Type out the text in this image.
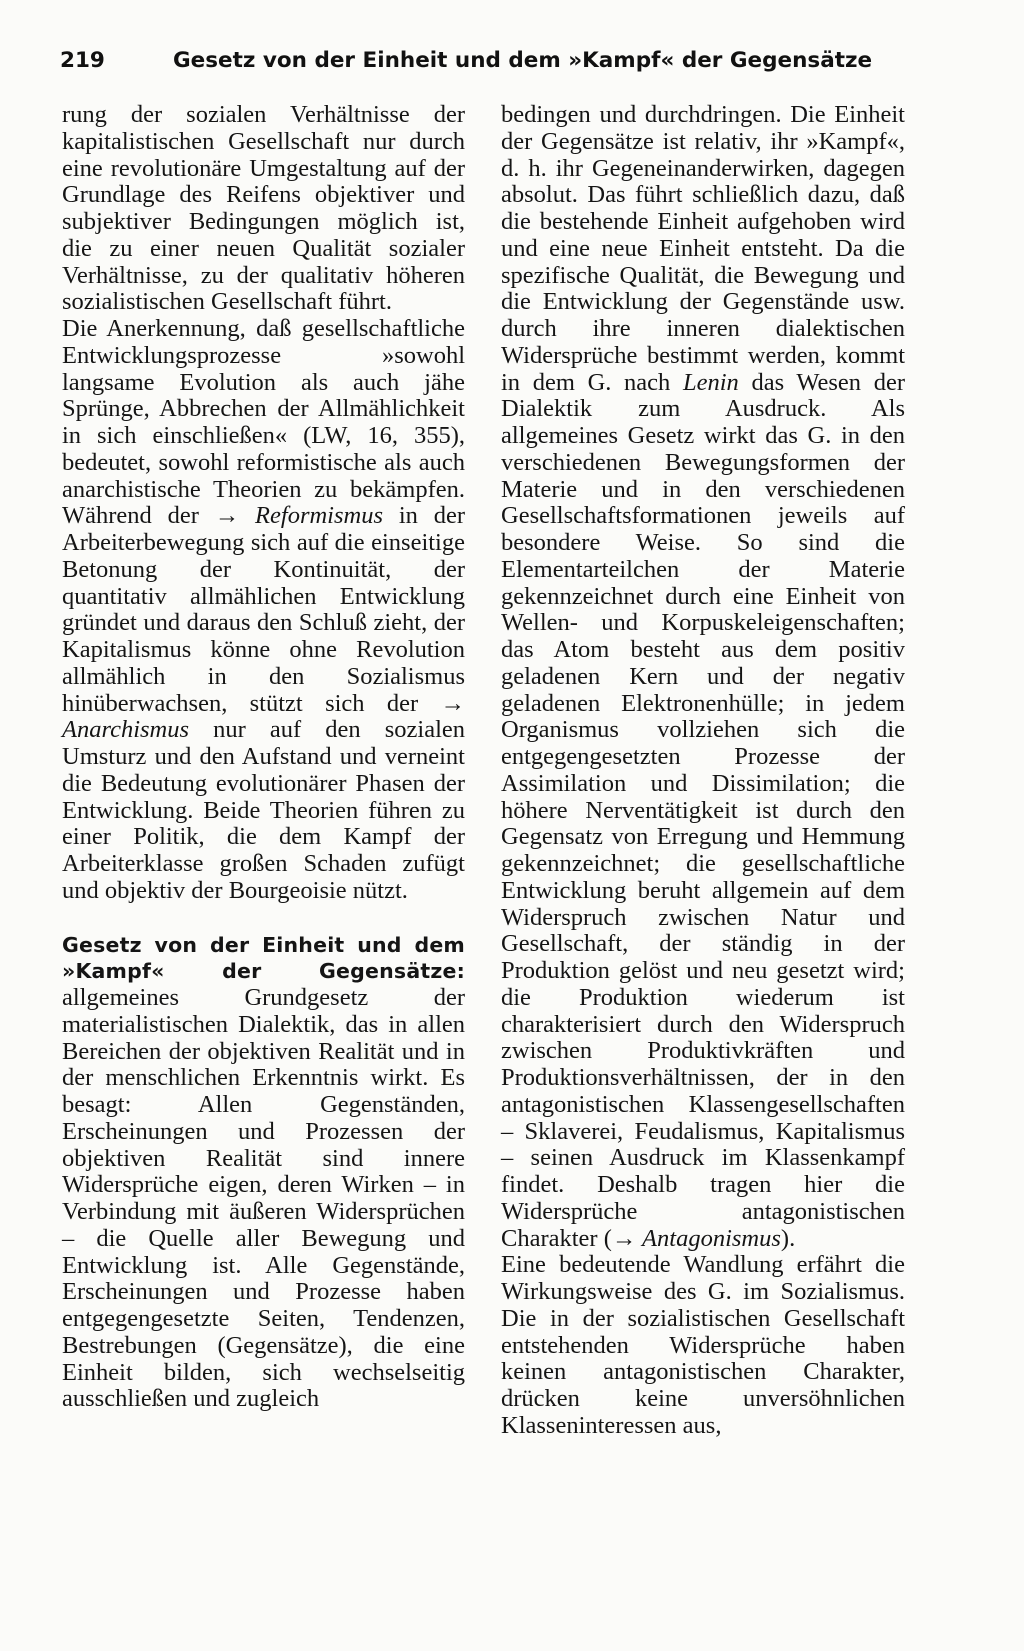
219	Gesetz von der Einheit und dem »Kampf« der Gegensätze

rung der sozialen Verhältnisse der kapitalistischen Gesellschaft nur durch eine revolutionäre Umgestaltung auf der Grundlage des Reifens objektiver und subjektiver Bedingungen möglich ist, die zu einer neuen Qualität sozialer Verhältnisse, zu der qualitativ höheren sozialistischen Gesellschaft führt.

Die Anerkennung, daß gesellschaftliche Entwicklungsprozesse »sowohl langsame Evolution als auch jähe Sprünge, Abbrechen der Allmählichkeit in sich einschließen« (LW, 16, 355), bedeutet, sowohl reformistische als auch anarchistische Theorien zu bekämpfen. Während der → Reformismus in der Arbeiterbewegung sich auf die einseitige Betonung der Kontinuität, der quantitativ allmählichen Entwicklung gründet und daraus den Schluß zieht, der Kapitalismus könne ohne Revolution allmählich in den Sozialismus hinüberwachsen, stützt sich der → Anarchismus nur auf den sozialen Umsturz und den Aufstand und verneint die Bedeutung evolutionärer Phasen der Entwicklung. Beide Theorien führen zu einer Politik, die dem Kampf der Arbeiterklasse großen Schaden zufügt und objektiv der Bourgeoisie nützt.

Gesetz von der Einheit und dem »Kampf« der Gegensätze: allgemeines Grundgesetz der materialistischen Dialektik, das in allen Bereichen der objektiven Realität und in der menschlichen Erkenntnis wirkt. Es besagt: Allen Gegenständen, Erscheinungen und Prozessen der objektiven Realität sind innere Widersprüche eigen, deren Wirken – in Verbindung mit äußeren Widersprüchen – die Quelle aller Bewegung und Entwicklung ist. Alle Gegenstände, Erscheinungen und Prozesse haben entgegengesetzte Seiten, Tendenzen, Bestrebungen (Gegensätze), die eine Einheit bilden, sich wechselseitig ausschließen und zugleich

bedingen und durchdringen. Die Einheit der Gegensätze ist relativ, ihr »Kampf«, d. h. ihr Gegeneinanderwirken, dagegen absolut. Das führt schließlich dazu, daß die bestehende Einheit aufgehoben wird und eine neue Einheit entsteht. Da die spezifische Qualität, die Bewegung und die Entwicklung der Gegenstände usw. durch ihre inneren dialektischen Widersprüche bestimmt werden, kommt in dem G. nach Lenin das Wesen der Dialektik zum Ausdruck. Als allgemeines Gesetz wirkt das G. in den verschiedenen Bewegungsformen der Materie und in den verschiedenen Gesellschaftsformationen jeweils auf besondere Weise. So sind die Elementarteilchen der Materie gekennzeichnet durch eine Einheit von Wellen- und Korpuskeleigenschaften; das Atom besteht aus dem positiv geladenen Kern und der negativ geladenen Elektronenhülle; in jedem Organismus vollziehen sich die entgegengesetzten Prozesse der Assimilation und Dissimilation; die höhere Nerventätigkeit ist durch den Gegensatz von Erregung und Hemmung gekennzeichnet; die gesellschaftliche Entwicklung beruht allgemein auf dem Widerspruch zwischen Natur und Gesellschaft, der ständig in der Produktion gelöst und neu gesetzt wird; die Produktion wiederum ist charakterisiert durch den Widerspruch zwischen Produktivkräften und Produktionsverhältnissen, der in den antagonistischen Klassengesellschaften – Sklaverei, Feudalismus, Kapitalismus – seinen Ausdruck im Klassenkampf findet. Deshalb tragen hier die Widersprüche antagonistischen Charakter (→ Antagonismus).

Eine bedeutende Wandlung erfährt die Wirkungsweise des G. im Sozialismus. Die in der sozialistischen Gesellschaft entstehenden Widersprüche haben keinen antagonistischen Charakter, drücken keine unversöhnlichen Klasseninteressen aus,
